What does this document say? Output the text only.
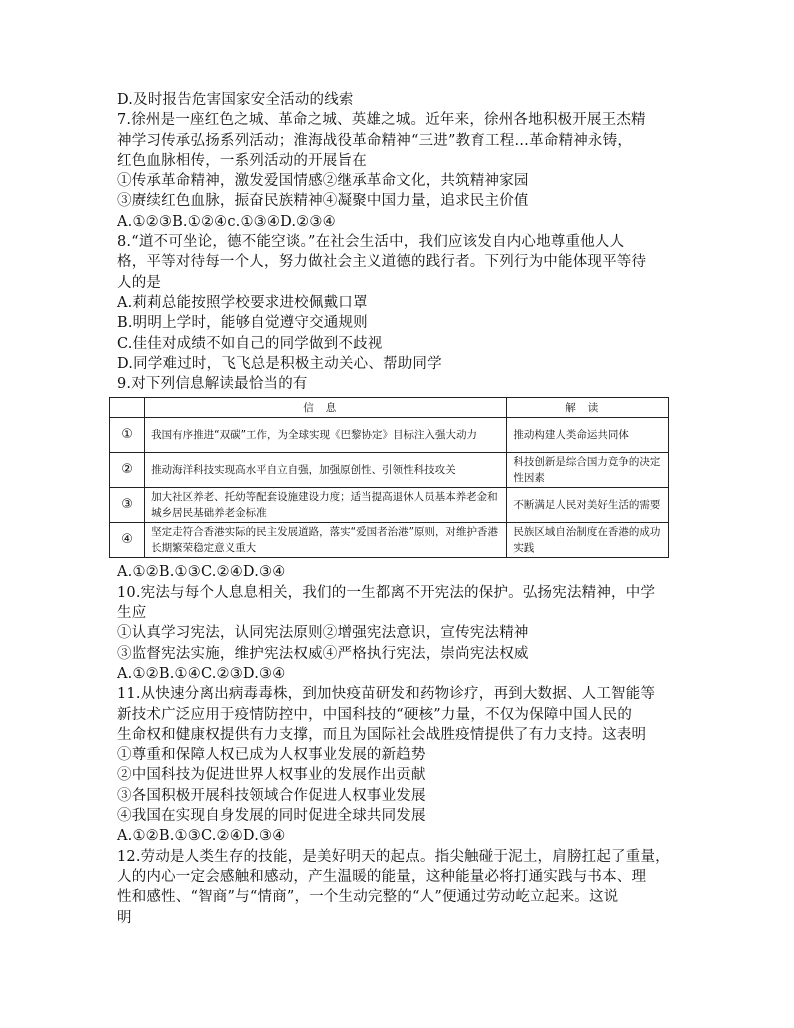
D.及时报告危害国家安全活动的线索
7.徐州是一座红色之城、革命之城、英雄之城。近年来，徐州各地积极开展王杰精
神学习传承弘扬系列活动；淮海战役革命精神“三进”教育工程…革命精神永铸，
红色血脉相传，一系列活动的开展旨在
①传承革命精神，激发爱国情感②继承革命文化，共筑精神家园
③赓续红色血脉，振奋民族精神④凝聚中国力量，追求民主价值
A.①②③B.①②④c.①③④D.②③④
8.“道不可坐论，德不能空谈。”在社会生活中，我们应该发自内心地尊重他人人
格，平等对待每一个人，努力做社会主义道德的践行者。下列行为中能体现平等待
人的是
A.莉莉总能按照学校要求进校佩戴口罩
B.明明上学时，能够自觉遵守交通规则
C.佳佳对成绩不如自己的同学做到不歧视
D.同学难过时，飞飞总是积极主动关心、帮助同学
9.对下列信息解读最恰当的有
	信息	解读
①	我国有序推进“双碳”工作，为全球实现《巴黎协定》目标注入强大动力	推动构建人类命运共同体
②	推动海洋科技实现高水平自立自强，加强原创性、引领性科技攻关	科技创新是综合国力竞争的决定性因素
③	加大社区养老、托幼等配套设施建设力度；适当提高退休人员基本养老金和城乡居民基础养老金标准	不断满足人民对美好生活的需要
④	坚定走符合香港实际的民主发展道路，落实“爱国者治港”原则，对维护香港长期繁荣稳定意义重大	民族区域自治制度在香港的成功实践
A.①②B.①③C.②④D.③④
10.宪法与每个人息息相关，我们的一生都离不开宪法的保护。弘扬宪法精神，中学
生应
①认真学习宪法，认同宪法原则②增强宪法意识，宣传宪法精神
③监督宪法实施，维护宪法权威④严格执行宪法，崇尚宪法权威
A.①②B.①④C.②③D.③④
11.从快速分离出病毒毒株，到加快疫苗研发和药物诊疗，再到大数据、人工智能等
新技术广泛应用于疫情防控中，中国科技的“硬核”力量，不仅为保障中国人民的
生命权和健康权提供有力支撑，而且为国际社会战胜疫情提供了有力支持。这表明
①尊重和保障人权已成为人权事业发展的新趋势
②中国科技为促进世界人权事业的发展作出贡献
③各国积极开展科技领域合作促进人权事业发展
④我国在实现自身发展的同时促进全球共同发展
A.①②B.①③C.②④D.③④
12.劳动是人类生存的技能，是美好明天的起点。指尖触碰于泥土，肩膀扛起了重量，
人的内心一定会感触和感动，产生温暖的能量，这种能量必将打通实践与书本、理
性和感性、“智商”与“情商”，一个生动完整的“人”便通过劳动屹立起来。这说
明
